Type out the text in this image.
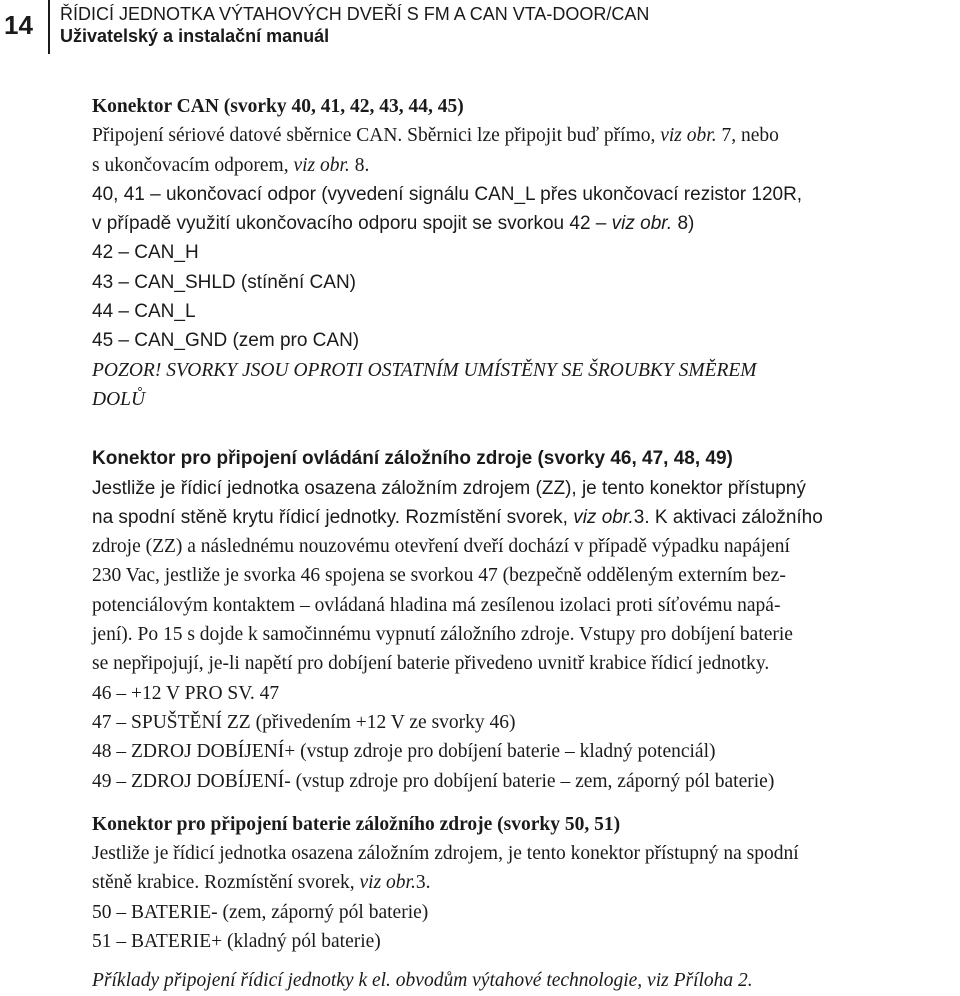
14 ŘÍDICÍ JEDNOTKA VÝTAHOVÝCH DVEŘÍ S FM A CAN VTA-DOOR/CAN
Uživatelský a instalační manuál
Konektor CAN (svorky 40, 41, 42, 43, 44, 45)
Připojení sériové datové sběrnice CAN. Sběrnici lze připojit buď přímo, viz obr. 7, nebo
s ukončovacím odporem, viz obr. 8.
40, 41 – ukončovací odpor (vyvedení signálu CAN_L přes ukončovací rezistor 120R,
v případě využití ukončovacího odporu spojit se svorkou 42 – viz obr. 8)
42 – CAN_H
43 – CAN_SHLD (stínění CAN)
44 – CAN_L
45 – CAN_GND (zem pro CAN)
POZOR! SVORKY JSOU OPROTI OSTATNÍM UMÍSTĚNY SE ŠROUBKY SMĚREM
DOLŮ
Konektor pro připojení ovládání záložního zdroje (svorky 46, 47, 48, 49)
Jestliže je řídicí jednotka osazena záložním zdrojem (ZZ), je tento konektor přístupný
na spodní stěně krytu řídicí jednotky. Rozmístění svorek, viz obr.3. K aktivaci záložního
zdroje (ZZ) a následnému nouzovému otevření dveří dochází v případě výpadku napájení
230 Vac, jestliže je svorka 46 spojena se svorkou 47 (bezpečně odděleným externím bez-
potenciálovým kontaktem – ovládaná hladina má zesílenou izolaci proti síťovému napá-
jení). Po 15 s dojde k samočinnému vypnutí záložního zdroje. Vstupy pro dobíjení baterie
se nepřipojují, je-li napětí pro dobíjení baterie přivedeno uvnitř krabice řídicí jednotky.
46 – +12 V PRO SV. 47
47 – SPUŠTĚNÍ ZZ (přivedením +12 V ze svorky 46)
48 – ZDROJ DOBÍJENÍ+ (vstup zdroje pro dobíjení baterie – kladný potenciál)
49 – ZDROJ DOBÍJENÍ- (vstup zdroje pro dobíjení baterie – zem, záporný pól baterie)
Konektor pro připojení baterie záložního zdroje (svorky 50, 51)
Jestliže je řídicí jednotka osazena záložním zdrojem, je tento konektor přístupný na spodní
stěně krabice. Rozmístění svorek, viz obr.3.
50 – BATERIE- (zem, záporný pól baterie)
51 – BATERIE+ (kladný pól baterie)
Příklady připojení řídicí jednotky k el. obvodům výtahové technologie, viz Příloha 2.
